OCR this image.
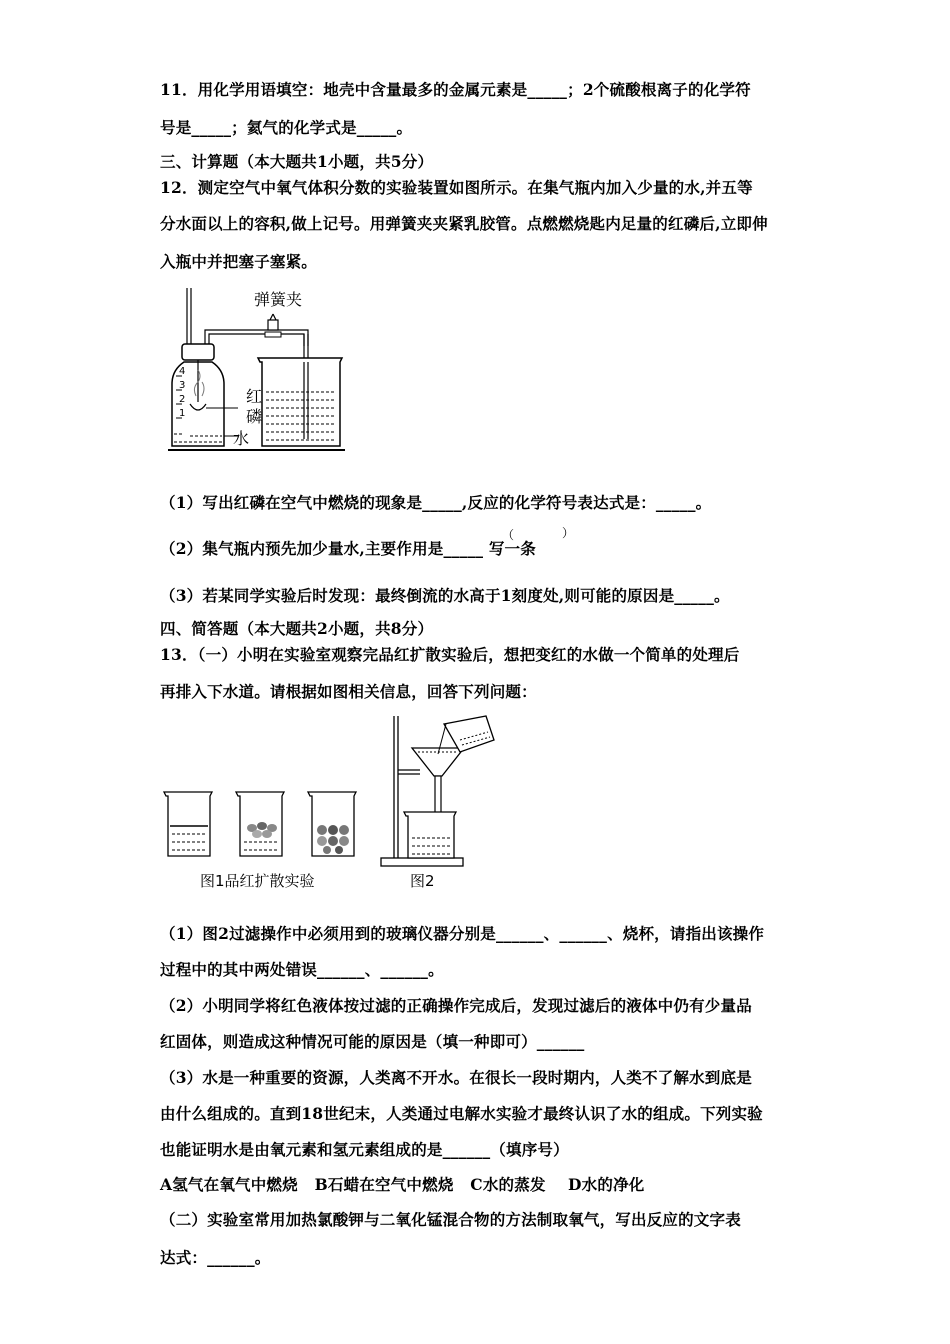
11．用化学用语填空：地壳中含量最多的金属元素是_____；2个硫酸根离子的化学符
号是_____；氦气的化学式是_____。
三、计算题（本大题共1小题，共5分）
12．测定空气中氧气体积分数的实验装置如图所示。在集气瓶内加入少量的水,并五等
分水面以上的容积,做上记号。用弹簧夹夹紧乳胶管。点燃燃烧匙内足量的红磷后,立即伸
入瓶中并把塞子塞紧。
弹簧夹
红
磷
水
4
3
2
1
（1）写出红磷在空气中燃烧的现象是_____,反应的化学符号表达式是：_____。
（2）集气瓶内预先加少量水,主要作用是_____ 写一条
（	）
（3）若某同学实验后时发现：最终倒流的水高于1刻度处,则可能的原因是_____。
四、简答题（本大题共2小题，共8分）
13．（一）小明在实验室观察完品红扩散实验后，想把变红的水做一个简单的处理后
再排入下水道。请根据如图相关信息，回答下列问题：
图1品红扩散实验	图2
（1）图2过滤操作中必须用到的玻璃仪器分别是______、______、烧杯，请指出该操作
过程中的其中两处错误______、______。
（2）小明同学将红色液体按过滤的正确操作完成后，发现过滤后的液体中仍有少量品
红固体，则造成这种情况可能的原因是（填一种即可）______
（3）水是一种重要的资源，人类离不开水。在很长一段时期内，人类不了解水到底是
由什么组成的。直到18世纪末，人类通过电解水实验才最终认识了水的组成。下列实验
也能证明水是由氧元素和氢元素组成的是______（填序号）
A氢气在氧气中燃烧   B石蜡在空气中燃烧   C水的蒸发    D水的净化
（二）实验室常用加热氯酸钾与二氧化锰混合物的方法制取氧气，写出反应的文字表
达式：______。
